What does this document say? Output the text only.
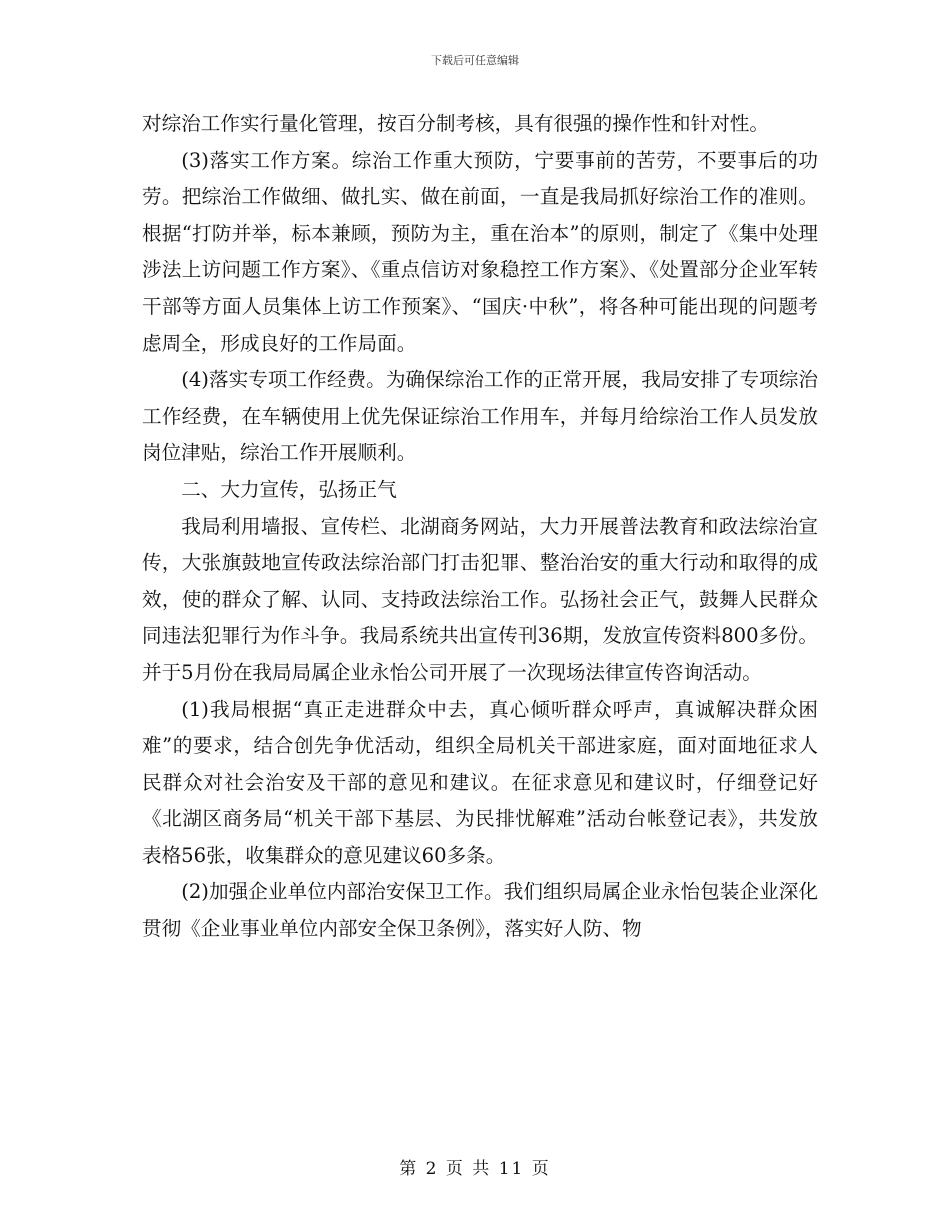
下载后可任意编辑

对综治工作实行量化管理，按百分制考核，具有很强的操作性和针对性。

(3)落实工作方案。综治工作重大预防，宁要事前的苦劳，不要事后的功劳。把综治工作做细、做扎实、做在前面，一直是我局抓好综治工作的准则。根据“打防并举，标本兼顾，预防为主，重在治本”的原则，制定了《集中处理涉法上访问题工作方案》、《重点信访对象稳控工作方案》、《处置部分企业军转干部等方面人员集体上访工作预案》、“国庆·中秋”，将各种可能出现的问题考虑周全，形成良好的工作局面。

(4)落实专项工作经费。为确保综治工作的正常开展，我局安排了专项综治工作经费，在车辆使用上优先保证综治工作用车，并每月给综治工作人员发放岗位津贴，综治工作开展顺利。

二、大力宣传，弘扬正气

我局利用墙报、宣传栏、北湖商务网站，大力开展普法教育和政法综治宣传，大张旗鼓地宣传政法综治部门打击犯罪、整治治安的重大行动和取得的成效，使的群众了解、认同、支持政法综治工作。弘扬社会正气，鼓舞人民群众同违法犯罪行为作斗争。我局系统共出宣传刊36期，发放宣传资料800多份。并于5月份在我局局属企业永怡公司开展了一次现场法律宣传咨询活动。

(1)我局根据“真正走进群众中去，真心倾听群众呼声，真诚解决群众困难”的要求，结合创先争优活动，组织全局机关干部进家庭，面对面地征求人民群众对社会治安及干部的意见和建议。在征求意见和建议时，仔细登记好《北湖区商务局“机关干部下基层、为民排忧解难”活动台帐登记表》，共发放表格56张，收集群众的意见建议60多条。

(2)加强企业单位内部治安保卫工作。我们组织局属企业永怡包装企业深化贯彻《企业事业单位内部安全保卫条例》，落实好人防、物

第 2 页 共 11 页
